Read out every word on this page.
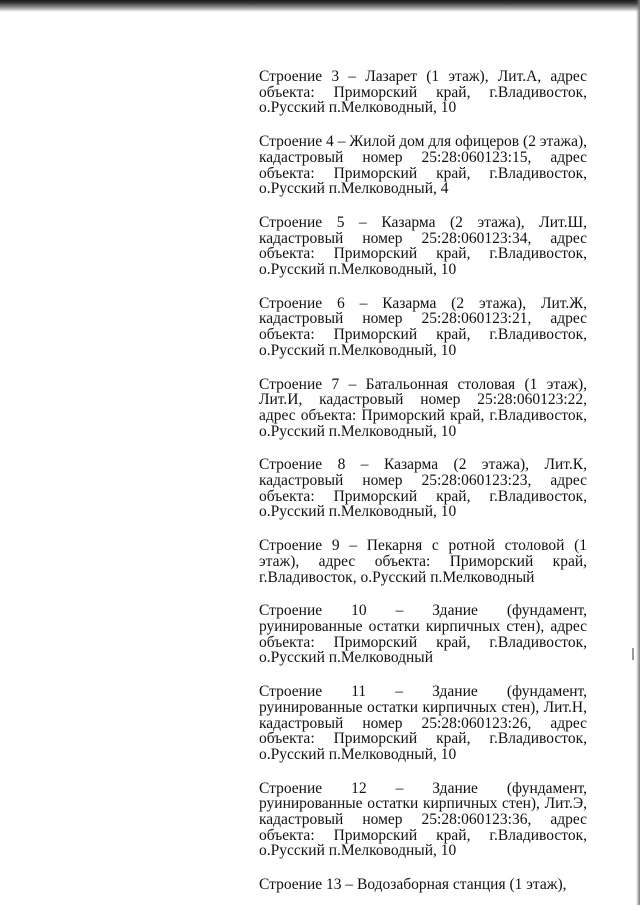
Строение 3 – Лазарет (1 этаж), Лит.А, адрес объекта: Приморский край, г.Владивосток, о.Русский п.Мелководный, 10

Строение 4 – Жилой дом для офицеров (2 этажа), кадастровый номер 25:28:060123:15, адрес объекта: Приморский край, г.Владивосток, о.Русский п.Мелководный, 4

Строение 5 – Казарма (2 этажа), Лит.Ш, кадастровый номер 25:28:060123:34, адрес объекта: Приморский край, г.Владивосток, о.Русский п.Мелководный, 10

Строение 6 – Казарма (2 этажа), Лит.Ж, кадастровый номер 25:28:060123:21, адрес объекта: Приморский край, г.Владивосток, о.Русский п.Мелководный, 10

Строение 7 – Батальонная столовая (1 этаж), Лит.И, кадастровый номер 25:28:060123:22, адрес объекта: Приморский край, г.Владивосток, о.Русский п.Мелководный, 10

Строение 8 – Казарма (2 этажа), Лит.К, кадастровый номер 25:28:060123:23, адрес объекта: Приморский край, г.Владивосток, о.Русский п.Мелководный, 10

Строение 9 – Пекарня с ротной столовой (1 этаж), адрес объекта: Приморский край, г.Владивосток, о.Русский п.Мелководный

Строение 10 – Здание (фундамент, руинированные остатки кирпичных стен), адрес объекта: Приморский край, г.Владивосток, о.Русский п.Мелководный

Строение 11 – Здание (фундамент, руинированные остатки кирпичных стен), Лит.Н, кадастровый номер 25:28:060123:26, адрес объекта: Приморский край, г.Владивосток, о.Русский п.Мелководный, 10

Строение 12 – Здание (фундамент, руинированные остатки кирпичных стен), Лит.Э, кадастровый номер 25:28:060123:36, адрес объекта: Приморский край, г.Владивосток, о.Русский п.Мелководный, 10

Строение 13 – Водозаборная станция (1 этаж),
